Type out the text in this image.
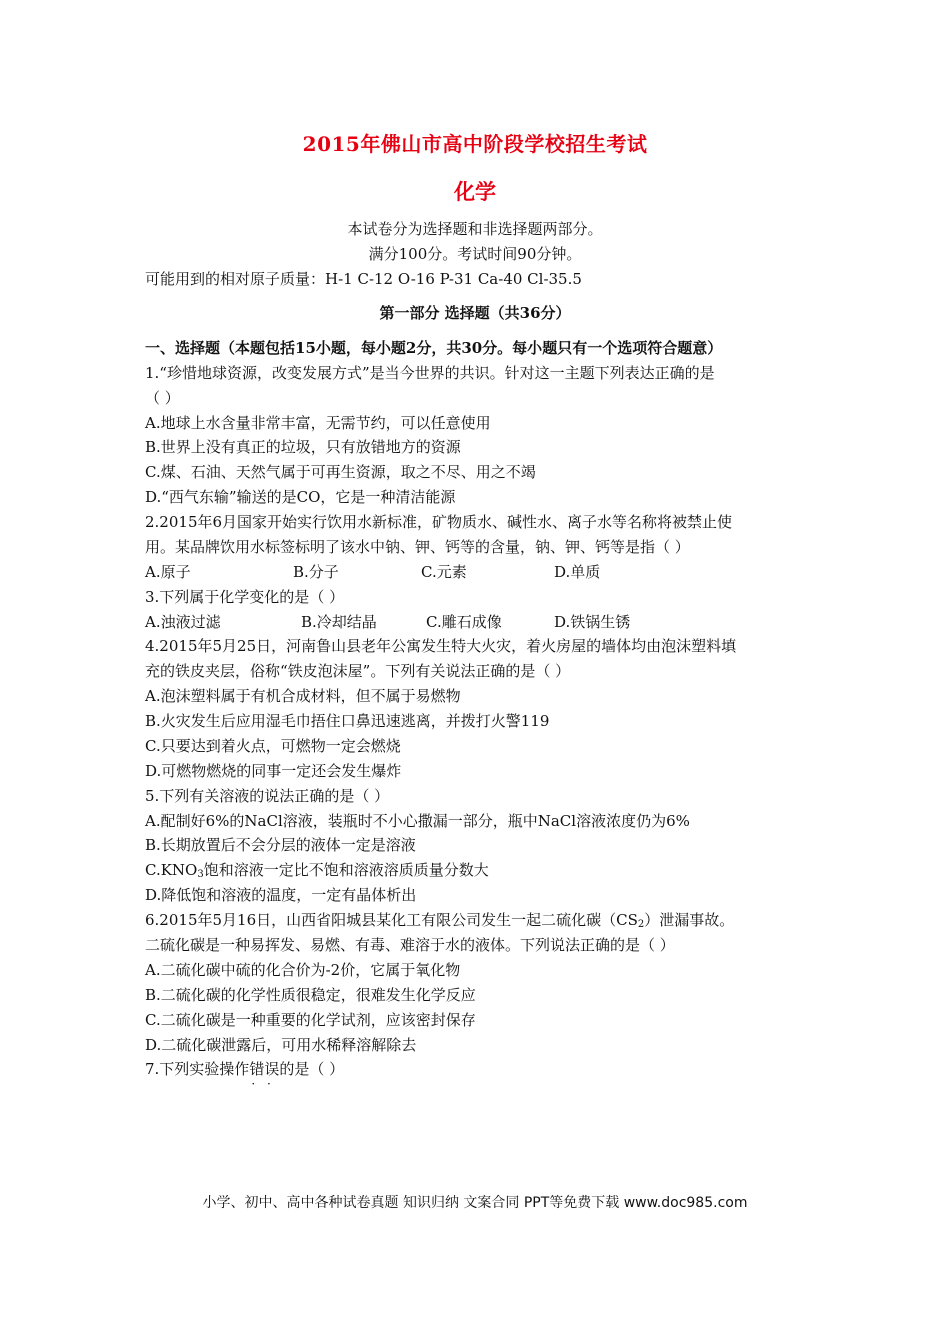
2015年佛山市高中阶段学校招生考试
化学
本试卷分为选择题和非选择题两部分。
满分100分。考试时间90分钟。
可能用到的相对原子质量：H-1 C-12 O-16 P-31 Ca-40 Cl-35.5
第一部分 选择题（共36分）
一、选择题（本题包括15小题，每小题2分，共30分。每小题只有一个选项符合题意）
1.“珍惜地球资源，改变发展方式”是当今世界的共识。针对这一主题下列表达正确的是
（ ）
A.地球上水含量非常丰富，无需节约，可以任意使用
B.世界上没有真正的垃圾，只有放错地方的资源
C.煤、石油、天然气属于可再生资源，取之不尽、用之不竭
D.“西气东输”输送的是CO，它是一种清洁能源
2.2015年6月国家开始实行饮用水新标准，矿物质水、碱性水、离子水等名称将被禁止使
用。某品牌饮用水标签标明了该水中钠、钾、钙等的含量，钠、钾、钙等是指（ ）
A.原子	B.分子	C.元素	D.单质
3.下列属于化学变化的是（ ）
A.浊液过滤	B.冷却结晶	C.雕石成像	D.铁锅生锈
4.2015年5月25日，河南鲁山县老年公寓发生特大火灾，着火房屋的墙体均由泡沫塑料填
充的铁皮夹层，俗称“铁皮泡沫屋”。下列有关说法正确的是（ ）
A.泡沫塑料属于有机合成材料，但不属于易燃物
B.火灾发生后应用湿毛巾捂住口鼻迅速逃离，并拨打火警119
C.只要达到着火点，可燃物一定会燃烧
D.可燃物燃烧的同事一定还会发生爆炸
5.下列有关溶液的说法正确的是（ ）
A.配制好6%的NaCl溶液，装瓶时不小心撒漏一部分，瓶中NaCl溶液浓度仍为6%
B.长期放置后不会分层的液体一定是溶液
$C.KNO_3$饱和溶液一定比不饱和溶液溶质质量分数大
D.降低饱和溶液的温度，一定有晶体析出
6.2015年5月16日，山西省阳城县某化工有限公司发生一起二硫化碳$(CS_2)$泄漏事故。
二硫化碳是一种易挥发、易燃、有毒、难溶于水的液体。下列说法正确的是（ ）
A.二硫化碳中硫的化合价为-2价，它属于氧化物
B.二硫化碳的化学性质很稳定，很难发生化学反应
C.二硫化碳是一种重要的化学试剂，应该密封保存
D.二硫化碳泄露后，可用水稀释溶解除去
7.下列实验操作错误 · ·的是（ ）
小学、初中、高中各种试卷真题 知识归纳 文案合同 PPT等免费下载 www.doc985.com
